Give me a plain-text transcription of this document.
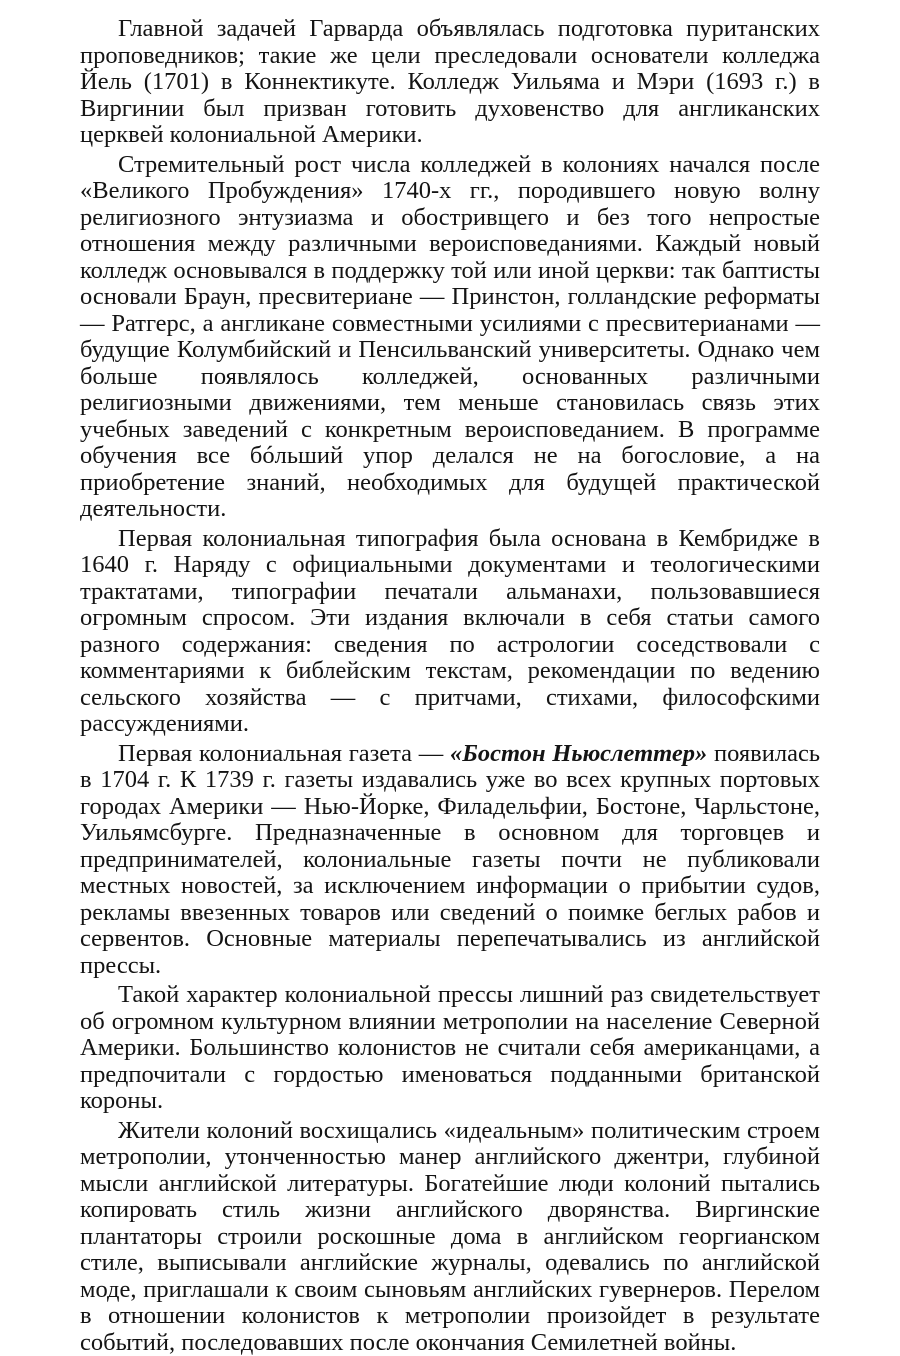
Главной задачей Гарварда объявлялась подготовка пуританских проповедников; такие же цели преследовали основатели колледжа Йель (1701) в Коннектикуте. Колледж Уильяма и Мэри (1693 г.) в Виргинии был призван готовить духовенство для англиканских церквей колониальной Америки.

Стремительный рост числа колледжей в колониях начался после «Великого Пробуждения» 1740-х гг., породившего новую волну религиозного энтузиазма и обостривщего и без того непростые отношения между различными вероисповеданиями. Каждый новый колледж основывался в поддержку той или иной церкви: так баптисты основали Браун, пресвитериане — Принстон, голландские реформаты — Ратгерс, а англикане совместными усилиями с пресвитерианами — будущие Колумбийский и Пенсильванский университеты. Однако чем больше появлялось колледжей, основанных различными религиозными движениями, тем меньше становилась связь этих учебных заведений с конкретным вероисповеданием. В программе обучения все бóльший упор делался не на богословие, а на приобретение знаний, необходимых для будущей практической деятельности.

Первая колониальная типография была основана в Кембридже в 1640 г. Наряду с официальными документами и теологическими трактатами, типографии печатали альманахи, пользовавшиеся огромным спросом. Эти издания включали в себя статьи самого разного содержания: сведения по астрологии соседствовали с комментариями к библейским текстам, рекомендации по ведению сельского хозяйства — с притчами, стихами, философскими рассуждениями.

Первая колониальная газета — «Бостон Ньюслеттер» появилась в 1704 г. К 1739 г. газеты издавались уже во всех крупных портовых городах Америки — Нью-Йорке, Филадельфии, Бостоне, Чарльстоне, Уильямсбурге. Предназначенные в основном для торговцев и предпринимателей, колониальные газеты почти не публиковали местных новостей, за исключением информации о прибытии судов, рекламы ввезенных товаров или сведений о поимке беглых рабов и сервентов. Основные материалы перепечатывались из английской прессы.

Такой характер колониальной прессы лишний раз свидетельствует об огромном культурном влиянии метрополии на население Северной Америки. Большинство колонистов не считали себя американцами, а предпочитали с гордостью именоваться подданными британской короны.

Жители колоний восхищались «идеальным» политическим строем метрополии, утонченностью манер английского джентри, глубиной мысли английской литературы. Богатейшие люди колоний пытались копировать стиль жизни английского дворянства. Виргинские плантаторы строили роскошные дома в английском георгианском стиле, выписывали английские журналы, одевались по английской моде, приглашали к своим сыновьям английских гувернеров. Перелом в отношении колонистов к метрополии произойдет в результате событий, последовавших после окончания Семилетней войны.
